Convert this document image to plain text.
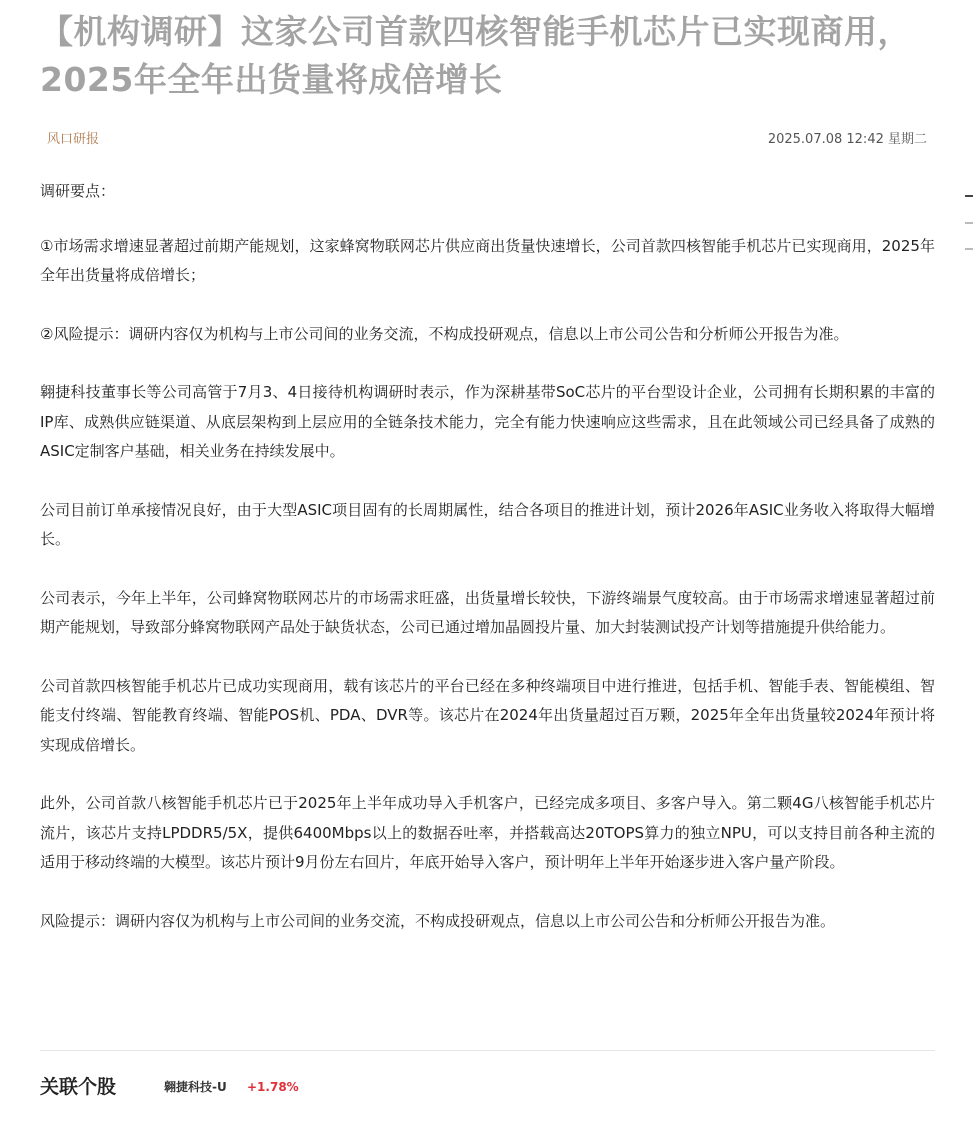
【机构调研】这家公司首款四核智能手机芯片已实现商用，2025年全年出货量将成倍增长
风口研报	2025.07.08 12:42 星期二

调研要点：

①市场需求增速显著超过前期产能规划，这家蜂窝物联网芯片供应商出货量快速增长，公司首款四核智能手机芯片已实现商用，2025年全年出货量将成倍增长；

②风险提示：调研内容仅为机构与上市公司间的业务交流，不构成投研观点，信息以上市公司公告和分析师公开报告为准。

翱捷科技董事长等公司高管于7月3、4日接待机构调研时表示，作为深耕基带SoC芯片的平台型设计企业，公司拥有长期积累的丰富的IP库、成熟供应链渠道、从底层架构到上层应用的全链条技术能力，完全有能力快速响应这些需求，且在此领域公司已经具备了成熟的ASIC定制客户基础，相关业务在持续发展中。

公司目前订单承接情况良好，由于大型ASIC项目固有的长周期属性，结合各项目的推进计划，预计2026年ASIC业务收入将取得大幅增长。

公司表示，今年上半年，公司蜂窝物联网芯片的市场需求旺盛，出货量增长较快，下游终端景气度较高。由于市场需求增速显著超过前期产能规划，导致部分蜂窝物联网产品处于缺货状态，公司已通过增加晶圆投片量、加大封装测试投产计划等措施提升供给能力。

公司首款四核智能手机芯片已成功实现商用，载有该芯片的平台已经在多种终端项目中进行推进，包括手机、智能手表、智能模组、智能支付终端、智能教育终端、智能POS机、PDA、DVR等。该芯片在2024年出货量超过百万颗，2025年全年出货量较2024年预计将实现成倍增长。

此外，公司首款八核智能手机芯片已于2025年上半年成功导入手机客户，已经完成多项目、多客户导入。第二颗4G八核智能手机芯片流片，该芯片支持LPDDR5/5X，提供6400Mbps以上的数据吞吐率，并搭载高达20TOPS算力的独立NPU，可以支持目前各种主流的适用于移动终端的大模型。该芯片预计9月份左右回片，年底开始导入客户，预计明年上半年开始逐步进入客户量产阶段。

风险提示：调研内容仅为机构与上市公司间的业务交流，不构成投研观点，信息以上市公司公告和分析师公开报告为准。

关联个股	翱捷科技-U +1.78%
